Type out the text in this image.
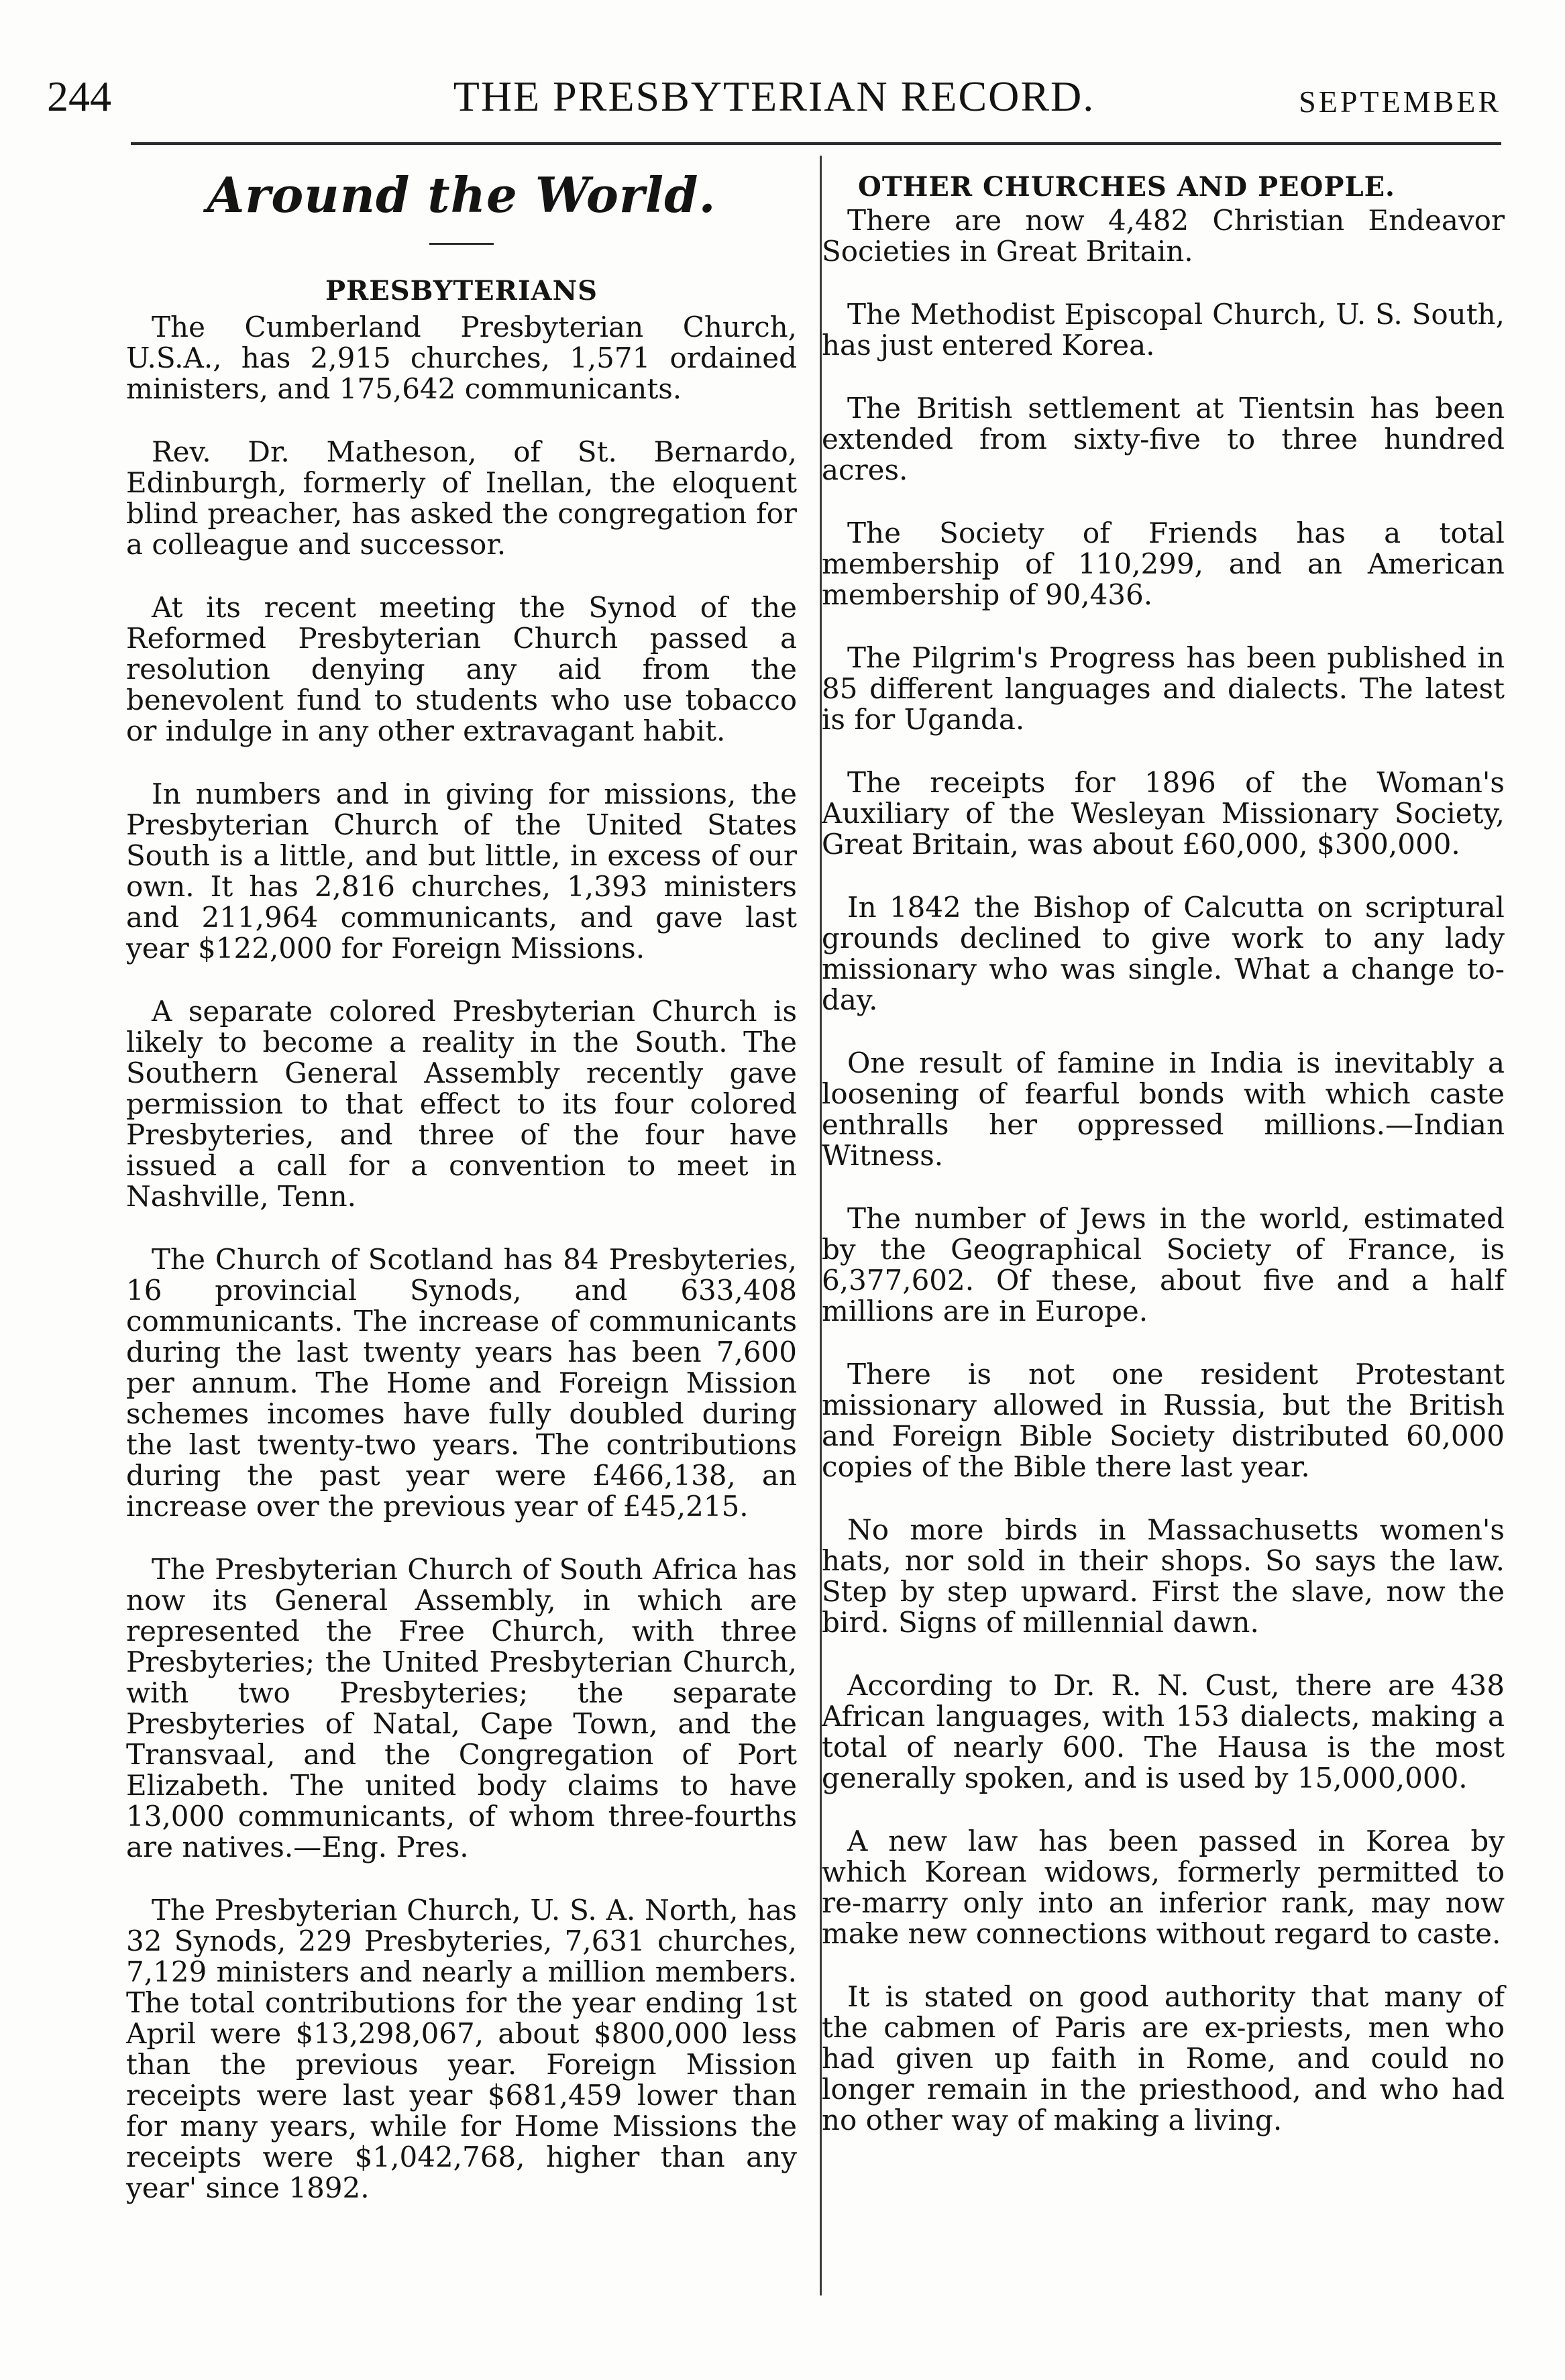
244	THE PRESBYTERIAN RECORD.	SEPTEMBER
Around the World.
PRESBYTERIANS

The Cumberland Presbyterian Church, U.S.A., has 2,915 churches, 1,571 ordained ministers, and 175,642 communicants.

Rev. Dr. Matheson, of St. Bernardo, Edinburgh, formerly of Inellan, the eloquent blind preacher, has asked the congregation for a colleague and successor.

At its recent meeting the Synod of the Reformed Presbyterian Church passed a resolution denying any aid from the benevolent fund to students who use tobacco or indulge in any other extravagant habit.

In numbers and in giving for missions, the Presbyterian Church of the United States South is a little, and but little, in excess of our own. It has 2,816 churches, 1,393 ministers and 211,964 communicants, and gave last year $122,000 for Foreign Missions.

A separate colored Presbyterian Church is likely to become a reality in the South. The Southern General Assembly recently gave permission to that effect to its four colored Presbyteries, and three of the four have issued a call for a convention to meet in Nashville, Tenn.

The Church of Scotland has 84 Presbyteries, 16 provincial Synods, and 633,408 communicants. The increase of communicants during the last twenty years has been 7,600 per annum. The Home and Foreign Mission schemes incomes have fully doubled during the last twenty-two years. The contributions during the past year were £466,138, an increase over the previous year of £45,215.

The Presbyterian Church of South Africa has now its General Assembly, in which are represented the Free Church, with three Presbyteries; the United Presbyterian Church, with two Presbyteries; the separate Presbyteries of Natal, Cape Town, and the Transvaal, and the Congregation of Port Elizabeth. The united body claims to have 13,000 communicants, of whom three-fourths are natives.—Eng. Pres.

The Presbyterian Church, U. S. A. North, has 32 Synods, 229 Presbyteries, 7,631 churches, 7,129 ministers and nearly a million members. The total contributions for the year ending 1st April were $13,298,067, about $800,000 less than the previous year. Foreign Mission receipts were last year $681,459 lower than for many years, while for Home Missions the receipts were $1,042,768, higher than any year' since 1892.

OTHER CHURCHES AND PEOPLE.

There are now 4,482 Christian Endeavor Societies in Great Britain.

The Methodist Episcopal Church, U. S. South, has just entered Korea.

The British settlement at Tientsin has been extended from sixty-five to three hundred acres.

The Society of Friends has a total membership of 110,299, and an American membership of 90,436.

The Pilgrim's Progress has been published in 85 different languages and dialects. The latest is for Uganda.

The receipts for 1896 of the Woman's Auxiliary of the Wesleyan Missionary Society, Great Britain, was about £60,000, $300,000.

In 1842 the Bishop of Calcutta on scriptural grounds declined to give work to any lady missionary who was single. What a change to-day.

One result of famine in India is inevitably a loosening of fearful bonds with which caste enthralls her oppressed millions.—Indian Witness.

The number of Jews in the world, estimated by the Geographical Society of France, is 6,377,602. Of these, about five and a half millions are in Europe.

There is not one resident Protestant missionary allowed in Russia, but the British and Foreign Bible Society distributed 60,000 copies of the Bible there last year.

No more birds in Massachusetts women's hats, nor sold in their shops. So says the law. Step by step upward. First the slave, now the bird. Signs of millennial dawn.

According to Dr. R. N. Cust, there are 438 African languages, with 153 dialects, making a total of nearly 600. The Hausa is the most generally spoken, and is used by 15,000,000.

A new law has been passed in Korea by which Korean widows, formerly permitted to re-marry only into an inferior rank, may now make new connections without regard to caste.

It is stated on good authority that many of the cabmen of Paris are ex-priests, men who had given up faith in Rome, and could no longer remain in the priesthood, and who had no other way of making a living.
